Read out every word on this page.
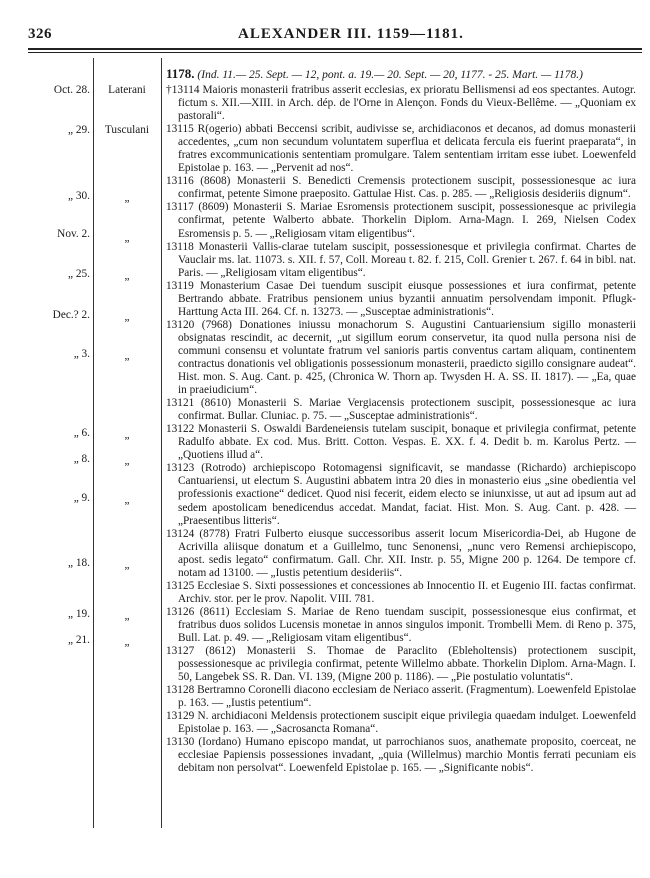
326	ALEXANDER III. 1159—1181.
Oct. 28.
„ 29.
„ 30.
Nov. 2.
„ 25.
Dec.? 2.
„ 3.
„ 6.
„ 8.
„ 9.
„ 18.
„ 19.
„ 21.
Laterani
Tusculani
„
„
„
„
„
„
„
„
„
„
„
1178. (Ind. 11.— 25. Sept. — 12, pont. a. 19.— 20. Sept. — 20, 1177. - 25. Mart. — 1178.)

†13114 Maioris monasterii fratribus asserit ecclesias, ex prioratu Bellismensi ad eos spectantes. Autogr. fictum s. XII.—XIII. in Arch. dép. de l'Orne in Alençon. Fonds du Vieux-Bellême. — „Quoniam ex pastorali“.

13115 R(ogerio) abbati Beccensi scribit, audivisse se, archidiaconos et decanos, ad domus monasterii accedentes, „cum non secundum voluntatem superflua et delicata fercula eis fuerint praeparata“, in fratres excommunicationis sententiam promulgare. Talem sententiam irritam esse iubet. Loewenfeld Epistolae p. 163. — „Pervenit ad nos“.

13116 (8608) Monasterii S. Benedicti Cremensis protectionem suscipit, possessionesque ac iura confirmat, petente Simone praeposito. Gattulae Hist. Cas. p. 285. — „Religiosis desideriis dignum“.

13117 (8609) Monasterii S. Mariae Esromensis protectionem suscipit, possessionesque ac privilegia confirmat, petente Walberto abbate. Thorkelin Diplom. Arna-Magn. I. 269, Nielsen Codex Esromensis p. 5. — „Religiosam vitam eligentibus“.

13118 Monasterii Vallis-clarae tutelam suscipit, possessionesque et privilegia confirmat. Chartes de Vauclair ms. lat. 11073. s. XII. f. 57, Coll. Moreau t. 82. f. 215, Coll. Grenier t. 267. f. 64 in bibl. nat. Paris. — „Religiosam vitam eligentibus“.

13119 Monasterium Casae Dei tuendum suscipit eiusque possessiones et iura confirmat, petente Bertrando abbate. Fratribus pensionem unius byzantii annuatim persolvendam imponit. Pflugk-Harttung Acta III. 264. Cf. n. 13273. — „Susceptae administrationis“.

13120 (7968) Donationes iniussu monachorum S. Augustini Cantuariensium sigillo monasterii obsignatas rescindit, ac decernit, „ut sigillum eorum conservetur, ita quod nulla persona nisi de communi consensu et voluntate fratrum vel sanioris partis conventus cartam aliquam, continentem contractus donationis vel obligationis possessionum monasterii, praedicto sigillo consignare audeat“. Hist. mon. S. Aug. Cant. p. 425, (Chronica W. Thorn ap. Twysden H. A. SS. II. 1817). — „Ea, quae in praeiudicium“.

13121 (8610) Monasterii S. Mariae Vergiacensis protectionem suscipit, possessionesque ac iura confirmat. Bullar. Cluniac. p. 75. — „Susceptae administrationis“.

13122 Monasterii S. Oswaldi Bardeneiensis tutelam suscipit, bonaque et privilegia confirmat, petente Radulfo abbate. Ex cod. Mus. Britt. Cotton. Vespas. E. XX. f. 4. Dedit b. m. Karolus Pertz. — „Quotiens illud a“.

13123 (Rotrodo) archiepiscopo Rotomagensi significavit, se mandasse (Richardo) archiepiscopo Cantuariensi, ut electum S. Augustini abbatem intra 20 dies in monasterio eius „sine obedientia vel professionis exactione“ dedicet. Quod nisi fecerit, eidem electo se iniunxisse, ut aut ad ipsum aut ad sedem apostolicam benedicendus accedat. Mandat, faciat. Hist. Mon. S. Aug. Cant. p. 428. — „Praesentibus litteris“.

13124 (8778) Fratri Fulberto eiusque successoribus asserit locum Misericordia-Dei, ab Hugone de Acrivilla aliisque donatum et a Guillelmo, tunc Senonensi, „nunc vero Remensi archiepiscopo, apost. sedis legato“ confirmatum. Gall. Chr. XII. Instr. p. 55, Migne 200 p. 1264. De tempore cf. notam ad 13100. — „Iustis petentium desideriis“.

13125 Ecclesiae S. Sixti possessiones et concessiones ab Innocentio II. et Eugenio III. factas confirmat. Archiv. stor. per le prov. Napolit. VIII. 781.

13126 (8611) Ecclesiam S. Mariae de Reno tuendam suscipit, possessionesque eius confirmat, et fratribus duos solidos Lucensis monetae in annos singulos imponit. Trombelli Mem. di Reno p. 375, Bull. Lat. p. 49. — „Religiosam vitam eligentibus“.

13127 (8612) Monasterii S. Thomae de Paraclito (Ebleholtensis) protectionem suscipit, possessionesque ac privilegia confirmat, petente Willelmo abbate. Thorkelin Diplom. Arna-Magn. I. 50, Langebek SS. R. Dan. VI. 139, (Migne 200 p. 1186). — „Pie postulatio voluntatis“.

13128 Bertramno Coronelli diacono ecclesiam de Neriaco asserit. (Fragmentum). Loewenfeld Epistolae p. 163. — „Iustis petentium“.

13129 N. archidiaconi Meldensis protectionem suscipit eique privilegia quaedam indulget. Loewenfeld Epistolae p. 163. — „Sacrosancta Romana“.

13130 (Iordano) Humano episcopo mandat, ut parrochianos suos, anathemate proposito, coerceat, ne ecclesiae Papiensis possessiones invadant, „quia (Willelmus) marchio Montis ferrati pecuniam eis debitam non persolvat“. Loewenfeld Epistolae p. 165. — „Significante nobis“.
